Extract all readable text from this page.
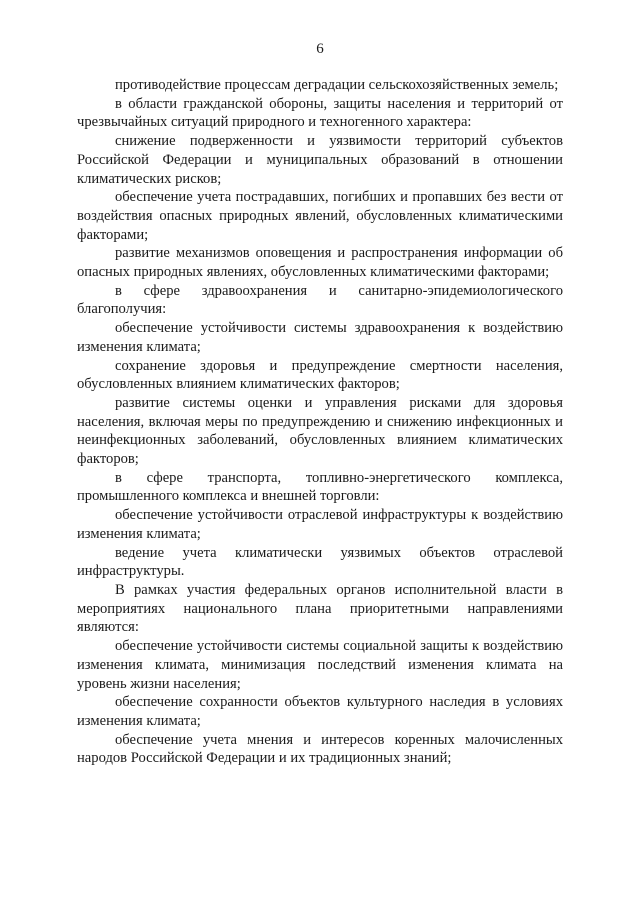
6

противодействие процессам деградации сельскохозяйственных земель;

в области гражданской обороны, защиты населения и территорий от чрезвычайных ситуаций природного и техногенного характера:

снижение подверженности и уязвимости территорий субъектов Российской Федерации и муниципальных образований в отношении климатических рисков;

обеспечение учета пострадавших, погибших и пропавших без вести от воздействия опасных природных явлений, обусловленных климатическими факторами;

развитие механизмов оповещения и распространения информации об опасных природных явлениях, обусловленных климатическими факторами;

в сфере здравоохранения и санитарно-эпидемиологического благополучия:

обеспечение устойчивости системы здравоохранения к воздействию изменения климата;

сохранение здоровья и предупреждение смертности населения, обусловленных влиянием климатических факторов;

развитие системы оценки и управления рисками для здоровья населения, включая меры по предупреждению и снижению инфекционных и неинфекционных заболеваний, обусловленных влиянием климатических факторов;

в сфере транспорта, топливно-энергетического комплекса, промышленного комплекса и внешней торговли:

обеспечение устойчивости отраслевой инфраструктуры к воздействию изменения климата;

ведение учета климатически уязвимых объектов отраслевой инфраструктуры.

В рамках участия федеральных органов исполнительной власти в мероприятиях национального плана приоритетными направлениями являются:

обеспечение устойчивости системы социальной защиты к воздействию изменения климата, минимизация последствий изменения климата на уровень жизни населения;

обеспечение сохранности объектов культурного наследия в условиях изменения климата;

обеспечение учета мнения и интересов коренных малочисленных народов Российской Федерации и их традиционных знаний;
